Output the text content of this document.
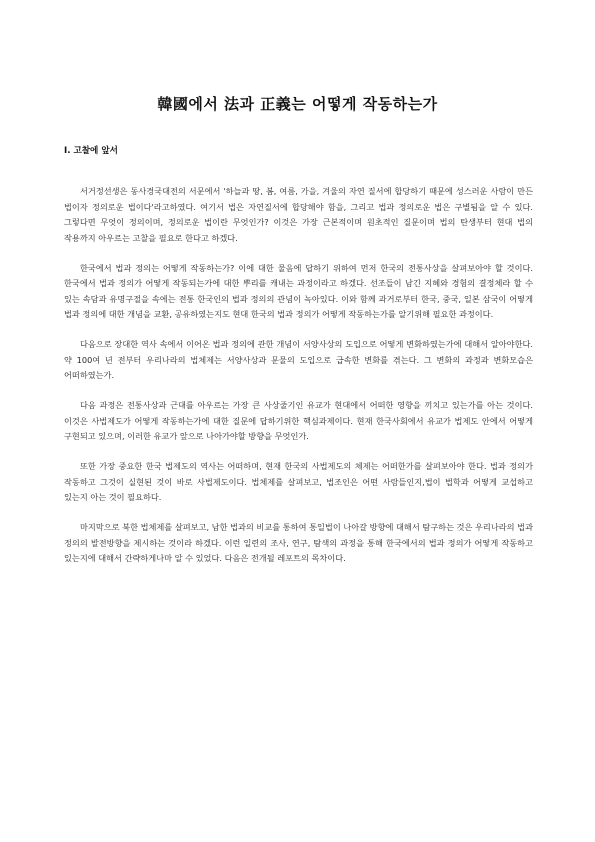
韓國에서 法과 正義는 어떻게 작동하는가
Ⅰ. 고찰에 앞서

서거정선생은 동사경국대전의 서문에서 '하늘과 땅, 봄, 여름, 가을, 겨울의 자연 질서에 합당하기 때문에 성스러운 사람이 만든 법이자 정의로운 법이다'라고하였다. 여기서 법은 자연질서에 합당해야 함을, 그리고 법과 정의로운 법은 구별됨을 알 수 있다. 그렇다면 무엇이 정의이며, 정의로운 법이란 무엇인가? 이것은 가장 근본적이며 원초적인 질문이며 법의 탄생부터 현대 법의 작용까지 아우르는 고찰을 필요로 한다고 하겠다.

한국에서 법과 정의는 어떻게 작동하는가? 이에 대한 물음에 답하기 위하여 먼저 한국의 전통사상을 살펴보아야 할 것이다. 한국에서 법과 정의가 어떻게 작동되는가에 대한 뿌리를 캐내는 과정이라고 하겠다. 선조들이 남긴 지혜와 경험의 결정체라 할 수 있는 속담과 유명구절을 속에는 전통 한국인의 법과 정의의 관념이 녹아있다. 이와 함께 과거로부터 한국, 중국, 일본 삼국이 어떻게 법과 정의에 대한 개념을 교환, 공유하였는지도 현대 한국의 법과 정의가 어떻게 작동하는가를 알기위해 필요한 과정이다.

다음으로 장대한 역사 속에서 이어온 법과 정의에 관한 개념이 서양사상의 도입으로 어떻게 변화하였는가에 대해서 알아야한다. 약 100여 년 전부터 우리나라의 법체제는 서양사상과 문물의 도입으로 급속한 변화를 겪는다. 그 변화의 과정과 변화모습은 어떠하였는가.

다음 과정은 전통사상과 근대를 아우르는 가장 큰 사상줄기인 유교가 현대에서 어떠한 영향을 끼치고 있는가를 아는 것이다. 이것은 사법제도가 어떻게 작동하는가에 대한 질문에 답하기위한 핵심과제이다. 현재 한국사회에서 유교가 법제도 안에서 어떻게 구현되고 있으며, 이러한 유교가 앞으로 나아가야할 방향을 무엇인가.

또한 가장 중요한 한국 법제도의 역사는 어떠하며, 현재 한국의 사법제도의 체제는 어떠한가를 살펴보아야 한다. 법과 정의가 작동하고 그것이 실현된 것이 바로 사법제도이다. 법체제를 살펴보고, 법조인은 어떤 사람들인지,법이 법학과 어떻게 교섭하고 있는지 아는 것이 필요하다.

마지막으로 북한 법체제를 살펴보고, 남한 법과의 비교를 통하여 통일법이 나아갈 방향에 대해서 탐구하는 것은 우리나라의 법과 정의의 발전방향을 제시하는 것이라 하겠다. 이런 일련의 조사, 연구, 탐색의 과정을 통해 한국에서의 법과 정의가 어떻게 작동하고 있는지에 대해서 간략하게나마 알 수 있었다. 다음은 전개될 레포트의 목차이다.
